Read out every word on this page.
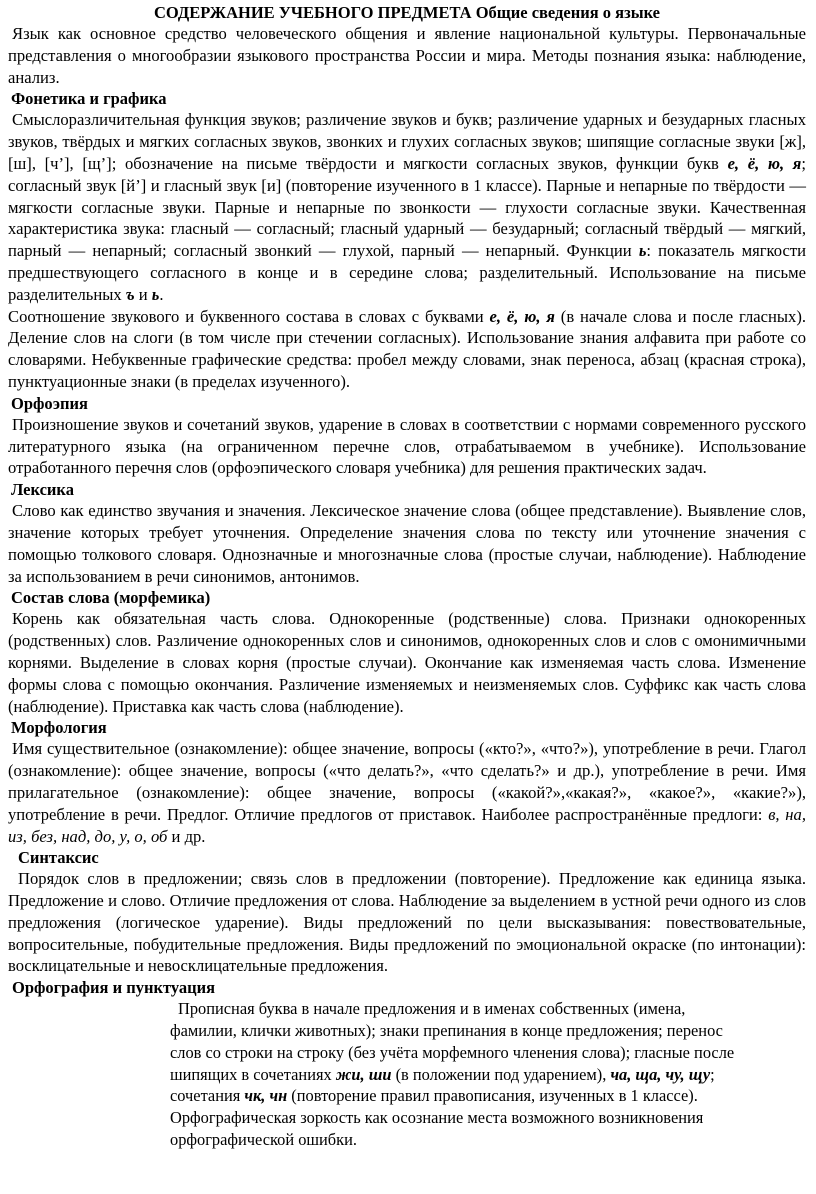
СОДЕРЖАНИЕ УЧЕБНОГО ПРЕДМЕТА Общие сведения о языке

Язык как основное средство человеческого общения и явление национальной культуры. Первоначальные представления о многообразии языкового пространства России и мира. Методы познания языка: наблюдение, анализ.

Фонетика и графика

Смыслоразличительная функция звуков; различение звуков и букв; различение ударных и безударных гласных звуков, твёрдых и мягких согласных звуков, звонких и глухих согласных звуков; шипящие согласные звуки [ж], [ш], [ч’], [щ’]; обозначение на письме твёрдости и мягкости согласных звуков, функции букв е, ё, ю, я; согласный звук [й’] и гласный звук [и] (повторение изученного в 1 классе). Парные и непарные по твёрдости — мягкости согласные звуки. Парные и непарные по звонкости — глухости согласные звуки. Качественная характеристика звука: гласный — согласный; гласный ударный — безударный; согласный твёрдый — мягкий, парный — непарный; согласный звонкий — глухой, парный — непарный. Функции ь: показатель мягкости предшествующего согласного в конце и в середине слова; разделительный. Использование на письме разделительных ъ и ь.

Соотношение звукового и буквенного состава в словах с буквами е, ё, ю, я (в начале слова и после гласных). Деление слов на слоги (в том числе при стечении согласных). Использование знания алфавита при работе со словарями. Небуквенные графические средства: пробел между словами, знак переноса, абзац (красная строка), пунктуационные знаки (в пределах изученного).

Орфоэпия

Произношение звуков и сочетаний звуков, ударение в словах в соответствии с нормами современного русского литературного языка (на ограниченном перечне слов, отрабатываемом в учебнике). Использование отработанного перечня слов (орфоэпического словаря учебника) для решения практических задач.

Лексика

Слово как единство звучания и значения. Лексическое значение слова (общее представление). Выявление слов, значение которых требует уточнения. Определение значения слова по тексту или уточнение значения с помощью толкового словаря. Однозначные и многозначные слова (простые случаи, наблюдение). Наблюдение за использованием в речи синонимов, антонимов.

Состав слова (морфемика)

Корень как обязательная часть слова. Однокоренные (родственные) слова. Признаки однокоренных (родственных) слов. Различение однокоренных слов и синонимов, однокоренных слов и слов с омонимичными корнями. Выделение в словах корня (простые случаи). Окончание как изменяемая часть слова. Изменение формы слова с помощью окончания. Различение изменяемых и неизменяемых слов. Суффикс как часть слова (наблюдение). Приставка как часть слова (наблюдение).

Морфология

Имя существительное (ознакомление): общее значение, вопросы («кто?», «что?»), употребление в речи. Глагол (ознакомление): общее значение, вопросы («что делать?», «что сделать?» и др.), употребление в речи. Имя прилагательное (ознакомление): общее значение, вопросы («какой?»,«какая?», «какое?», «какие?»), употребление в речи. Предлог. Отличие предлогов от приставок. Наиболее распространённые предлоги: в, на, из, без, над, до, у, о, об и др.

Синтаксис

Порядок слов в предложении; связь слов в предложении (повторение). Предложение как единица языка. Предложение и слово. Отличие предложения от слова. Наблюдение за выделением в устной речи одного из слов предложения (логическое ударение). Виды предложений по цели высказывания: повествовательные, вопросительные, побудительные предложения. Виды предложений по эмоциональной окраске (по интонации): восклицательные и невосклицательные предложения.

Орфография и пунктуация

Прописная буква в начале предложения и в именах собственных (имена, фамилии, клички животных); знаки препинания в конце предложения; перенос слов со строки на строку (без учёта морфемного членения слова); гласные после шипящих в сочетаниях жи, ши (в положении под ударением), ча, ща, чу, щу; сочетания чк, чн (повторение правил правописания, изученных в 1 классе). Орфографическая зоркость как осознание места возможного возникновения орфографической ошибки.
